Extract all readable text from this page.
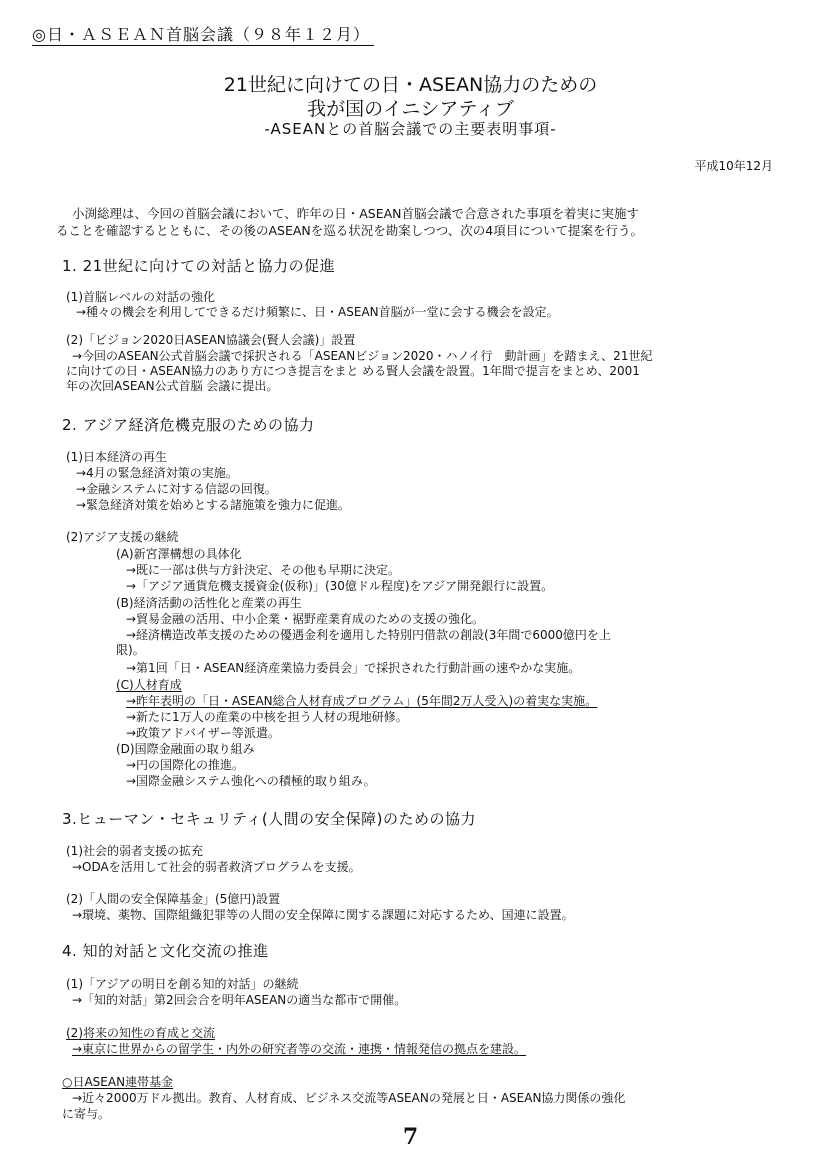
◎日・ＡＳＥＡＮ首脳会議（９８年１２月）
21世紀に向けての日・ASEAN協力のための
我が国のイニシアティブ
-ASEANとの首脳会議での主要表明事項-
平成10年12月
小渕総理は、今回の首脳会議において、昨年の日・ASEAN首脳会議で合意された事項を着実に実施す
ることを確認するとともに、その後のASEANを巡る状況を勘案しつつ、次の4項目について提案を行う。
1. 21世紀に向けての対話と協力の促進
(1)首脳レベルの対話の強化
→種々の機会を利用してできるだけ頻繁に、日・ASEAN首脳が一堂に会する機会を設定。
(2)「ビジョン2020日ASEAN協議会(賢人会議)」設置
→今回のASEAN公式首脳会議で採択される「ASEANビジョン2020・ハノイ行　動計画」を踏まえ、21世紀
に向けての日・ASEAN協力のあり方につき提言をまと める賢人会議を設置。1年間で提言をまとめ、2001
年の次回ASEAN公式首脳 会議に提出。
2. アジア経済危機克服のための協力
(1)日本経済の再生
→4月の緊急経済対策の実施。
→金融システムに対する信認の回復。
→緊急経済対策を始めとする諸施策を強力に促進。
(2)アジア支援の継続
(A)新宮澤構想の具体化
→既に一部は供与方針決定、その他も早期に決定。
→「アジア通貨危機支援資金(仮称)」(30億ドル程度)をアジア開発銀行に設置。
(B)経済活動の活性化と産業の再生
→貿易金融の活用、中小企業・裾野産業育成のための支援の強化。
→経済構造改革支援のための優遇金利を適用した特別円借款の創設(3年間で6000億円を上
限)。
→第1回「日・ASEAN経済産業協力委員会」で採択された行動計画の速やかな実施。
(C)人材育成
→昨年表明の「日・ASEAN総合人材育成プログラム」(5年間2万人受入)の着実な実施。
→新たに1万人の産業の中核を担う人材の現地研修。
→政策アドバイザー等派遣。
(D)国際金融面の取り組み
→円の国際化の推進。
→国際金融システム強化への積極的取り組み。
3.ヒューマン・セキュリティ(人間の安全保障)のための協力
(1)社会的弱者支援の拡充
→ODAを活用して社会的弱者救済プログラムを支援。
(2)「人間の安全保障基金」(5億円)設置
→環境、薬物、国際組織犯罪等の人間の安全保障に関する課題に対応するため、国連に設置。
4. 知的対話と文化交流の推進
(1)「アジアの明日を創る知的対話」の継続
→「知的対話」第2回会合を明年ASEANの適当な都市で開催。
(2)将来の知性の育成と交流
→東京に世界からの留学生・内外の研究者等の交流・連携・情報発信の拠点を建設。
○日ASEAN連帯基金
→近々2000万ドル拠出。教育、人材育成、ビジネス交流等ASEANの発展と日・ASEAN協力関係の強化
に寄与。
7
